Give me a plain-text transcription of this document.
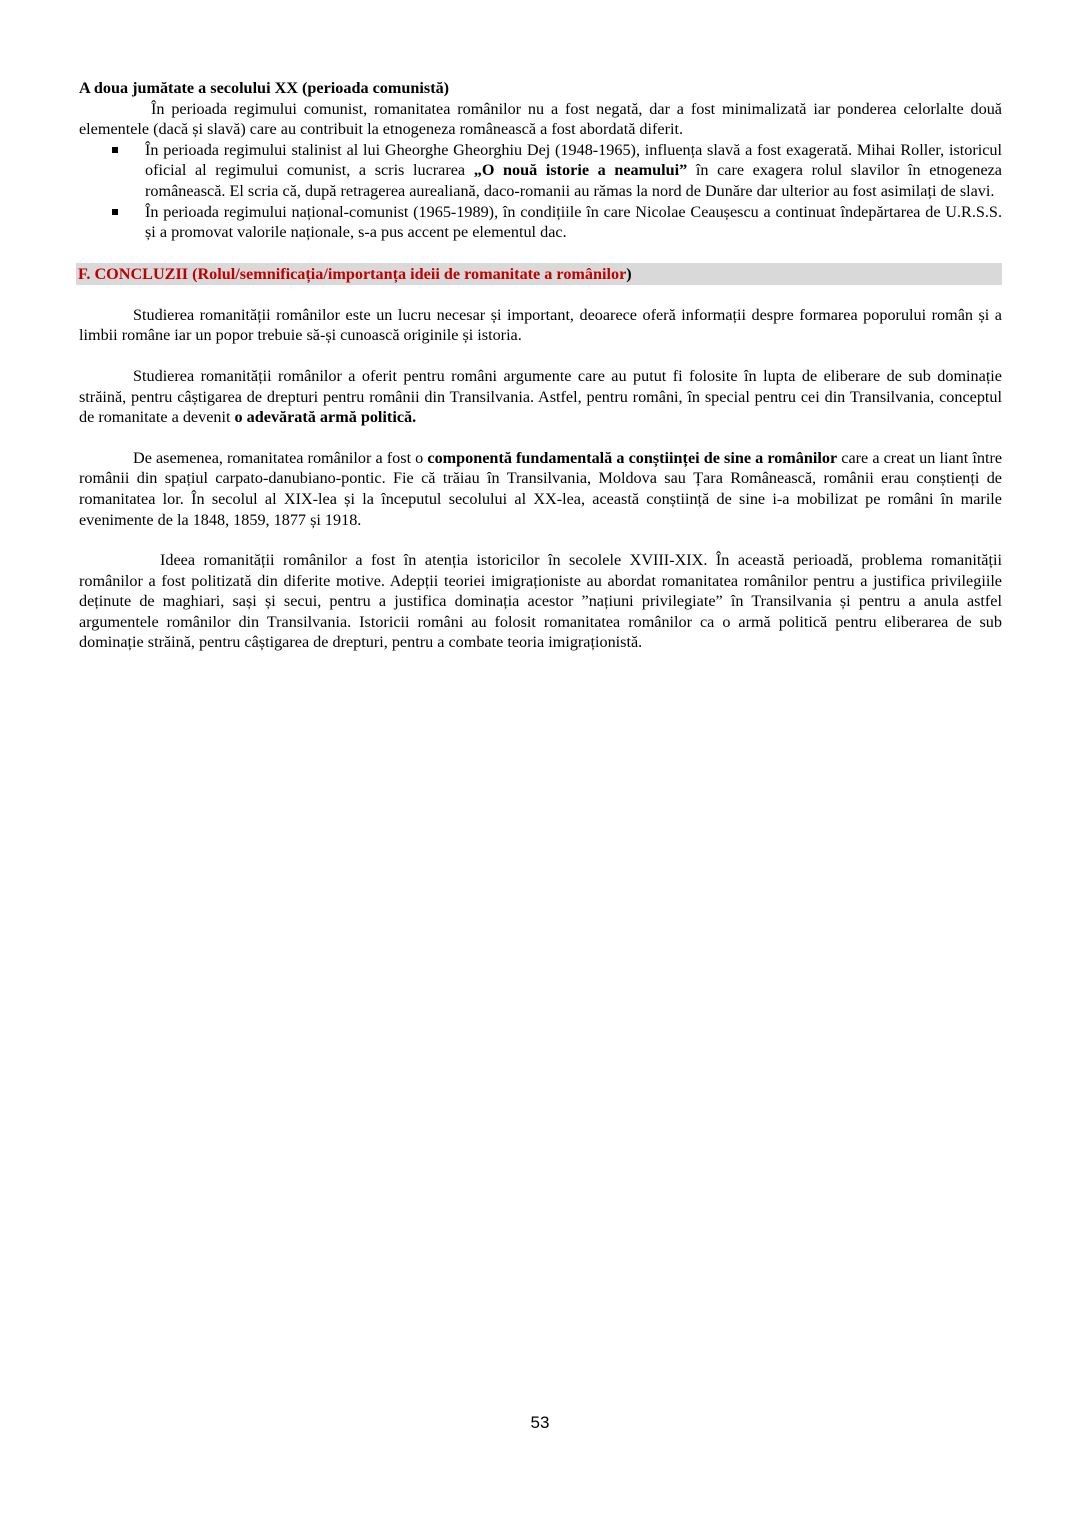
A doua jumătate a secolului XX (perioada comunistă)

În perioada regimului comunist, romanitatea românilor nu a fost negată, dar a fost minimalizată iar ponderea celorlalte două elementele (dacă și slavă) care au contribuit la etnogeneza românească a fost abordată diferit.

În perioada regimului stalinist al lui Gheorghe Gheorghiu Dej (1948-1965), influența slavă a fost exagerată. Mihai Roller, istoricul oficial al regimului comunist, a scris lucrarea „O nouă istorie a neamului” în care exagera rolul slavilor în etnogeneza românească. El scria că, după retragerea aurealiană, daco-romanii au rămas la nord de Dunăre dar ulterior au fost asimilați de slavi.
În perioada regimului național-comunist (1965-1989), în condițiile în care Nicolae Ceaușescu a continuat îndepărtarea de U.R.S.S. și a promovat valorile naționale, s-a pus accent pe elementul dac.
F. CONCLUZII (Rolul/semnificația/importanța ideii de romanitate a românilor)

Studierea romanității românilor este un lucru necesar și important, deoarece oferă informații despre formarea poporului român și a limbii române iar un popor trebuie să-și cunoască originile și istoria.

Studierea romanității românilor a oferit pentru români argumente care au putut fi folosite în lupta de eliberare de sub dominație străină, pentru câștigarea de drepturi pentru românii din Transilvania. Astfel, pentru români, în special pentru cei din Transilvania, conceptul de romanitate a devenit o adevărată armă politică.

De asemenea, romanitatea românilor a fost o componentă fundamentală a conștiinței de sine a românilor care a creat un liant între românii din spațiul carpato-danubiano-pontic. Fie că trăiau în Transilvania, Moldova sau Țara Românească, românii erau conștienți de romanitatea lor. În secolul al XIX-lea și la începutul secolului al XX-lea, această conștiință de sine i-a mobilizat pe români în marile evenimente de la 1848, 1859, 1877 și 1918.

Ideea romanității românilor a fost în atenția istoricilor în secolele XVIII-XIX. În această perioadă, problema romanității românilor a fost politizată din diferite motive. Adepții teoriei imigraționiste au abordat romanitatea românilor pentru a justifica privilegiile deținute de maghiari, sași și secui, pentru a justifica dominația acestor ”națiuni privilegiate” în Transilvania și pentru a anula astfel argumentele românilor din Transilvania. Istoricii români au folosit romanitatea românilor ca o armă politică pentru eliberarea de sub dominație străină, pentru câștigarea de drepturi, pentru a combate teoria imigraționistă.

53
